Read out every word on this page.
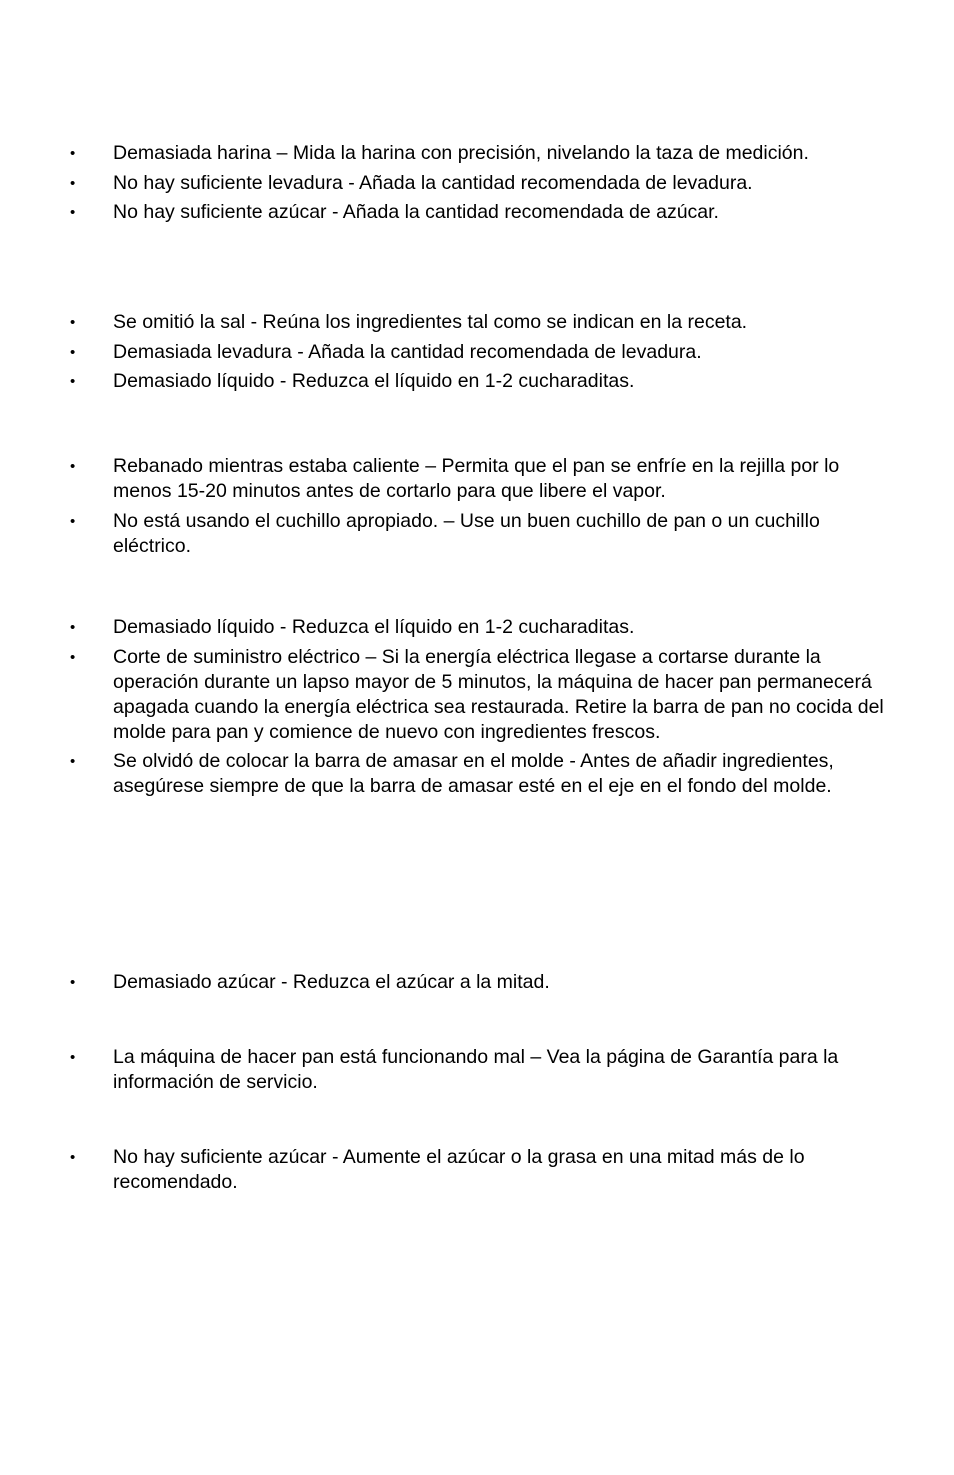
• Demasiada harina – Mida la harina con precisión, nivelando la taza de medición.
• No hay suficiente levadura - Añada la cantidad recomendada de levadura.
• No hay suficiente azúcar - Añada la cantidad recomendada de azúcar.
• Se omitió la sal - Reúna los ingredientes tal como se indican en la receta.
• Demasiada levadura - Añada la cantidad recomendada de levadura.
• Demasiado líquido - Reduzca el líquido en 1-2 cucharaditas.
• Rebanado mientras estaba caliente – Permita que el pan se enfríe en la rejilla por lo menos 15-20 minutos antes de cortarlo para que libere el vapor.
• No está usando el cuchillo apropiado. – Use un buen cuchillo de pan o un cuchillo eléctrico.
• Demasiado líquido - Reduzca el líquido en 1-2 cucharaditas.
• Corte de suministro eléctrico – Si la energía eléctrica llegase a cortarse durante la operación durante un lapso mayor de 5 minutos, la máquina de hacer pan permanecerá apagada cuando la energía eléctrica sea restaurada. Retire la barra de pan no cocida del molde para pan y comience de nuevo con ingredientes frescos.
• Se olvidó de colocar la barra de amasar en el molde - Antes de añadir ingredientes, asegúrese siempre de que la barra de amasar esté en el eje en el fondo del molde.
• Demasiado azúcar - Reduzca el azúcar a la mitad.
• La máquina de hacer pan está funcionando mal – Vea la página de Garantía para la información de servicio.
• No hay suficiente azúcar - Aumente el azúcar o la grasa en una mitad más de lo recomendado.
